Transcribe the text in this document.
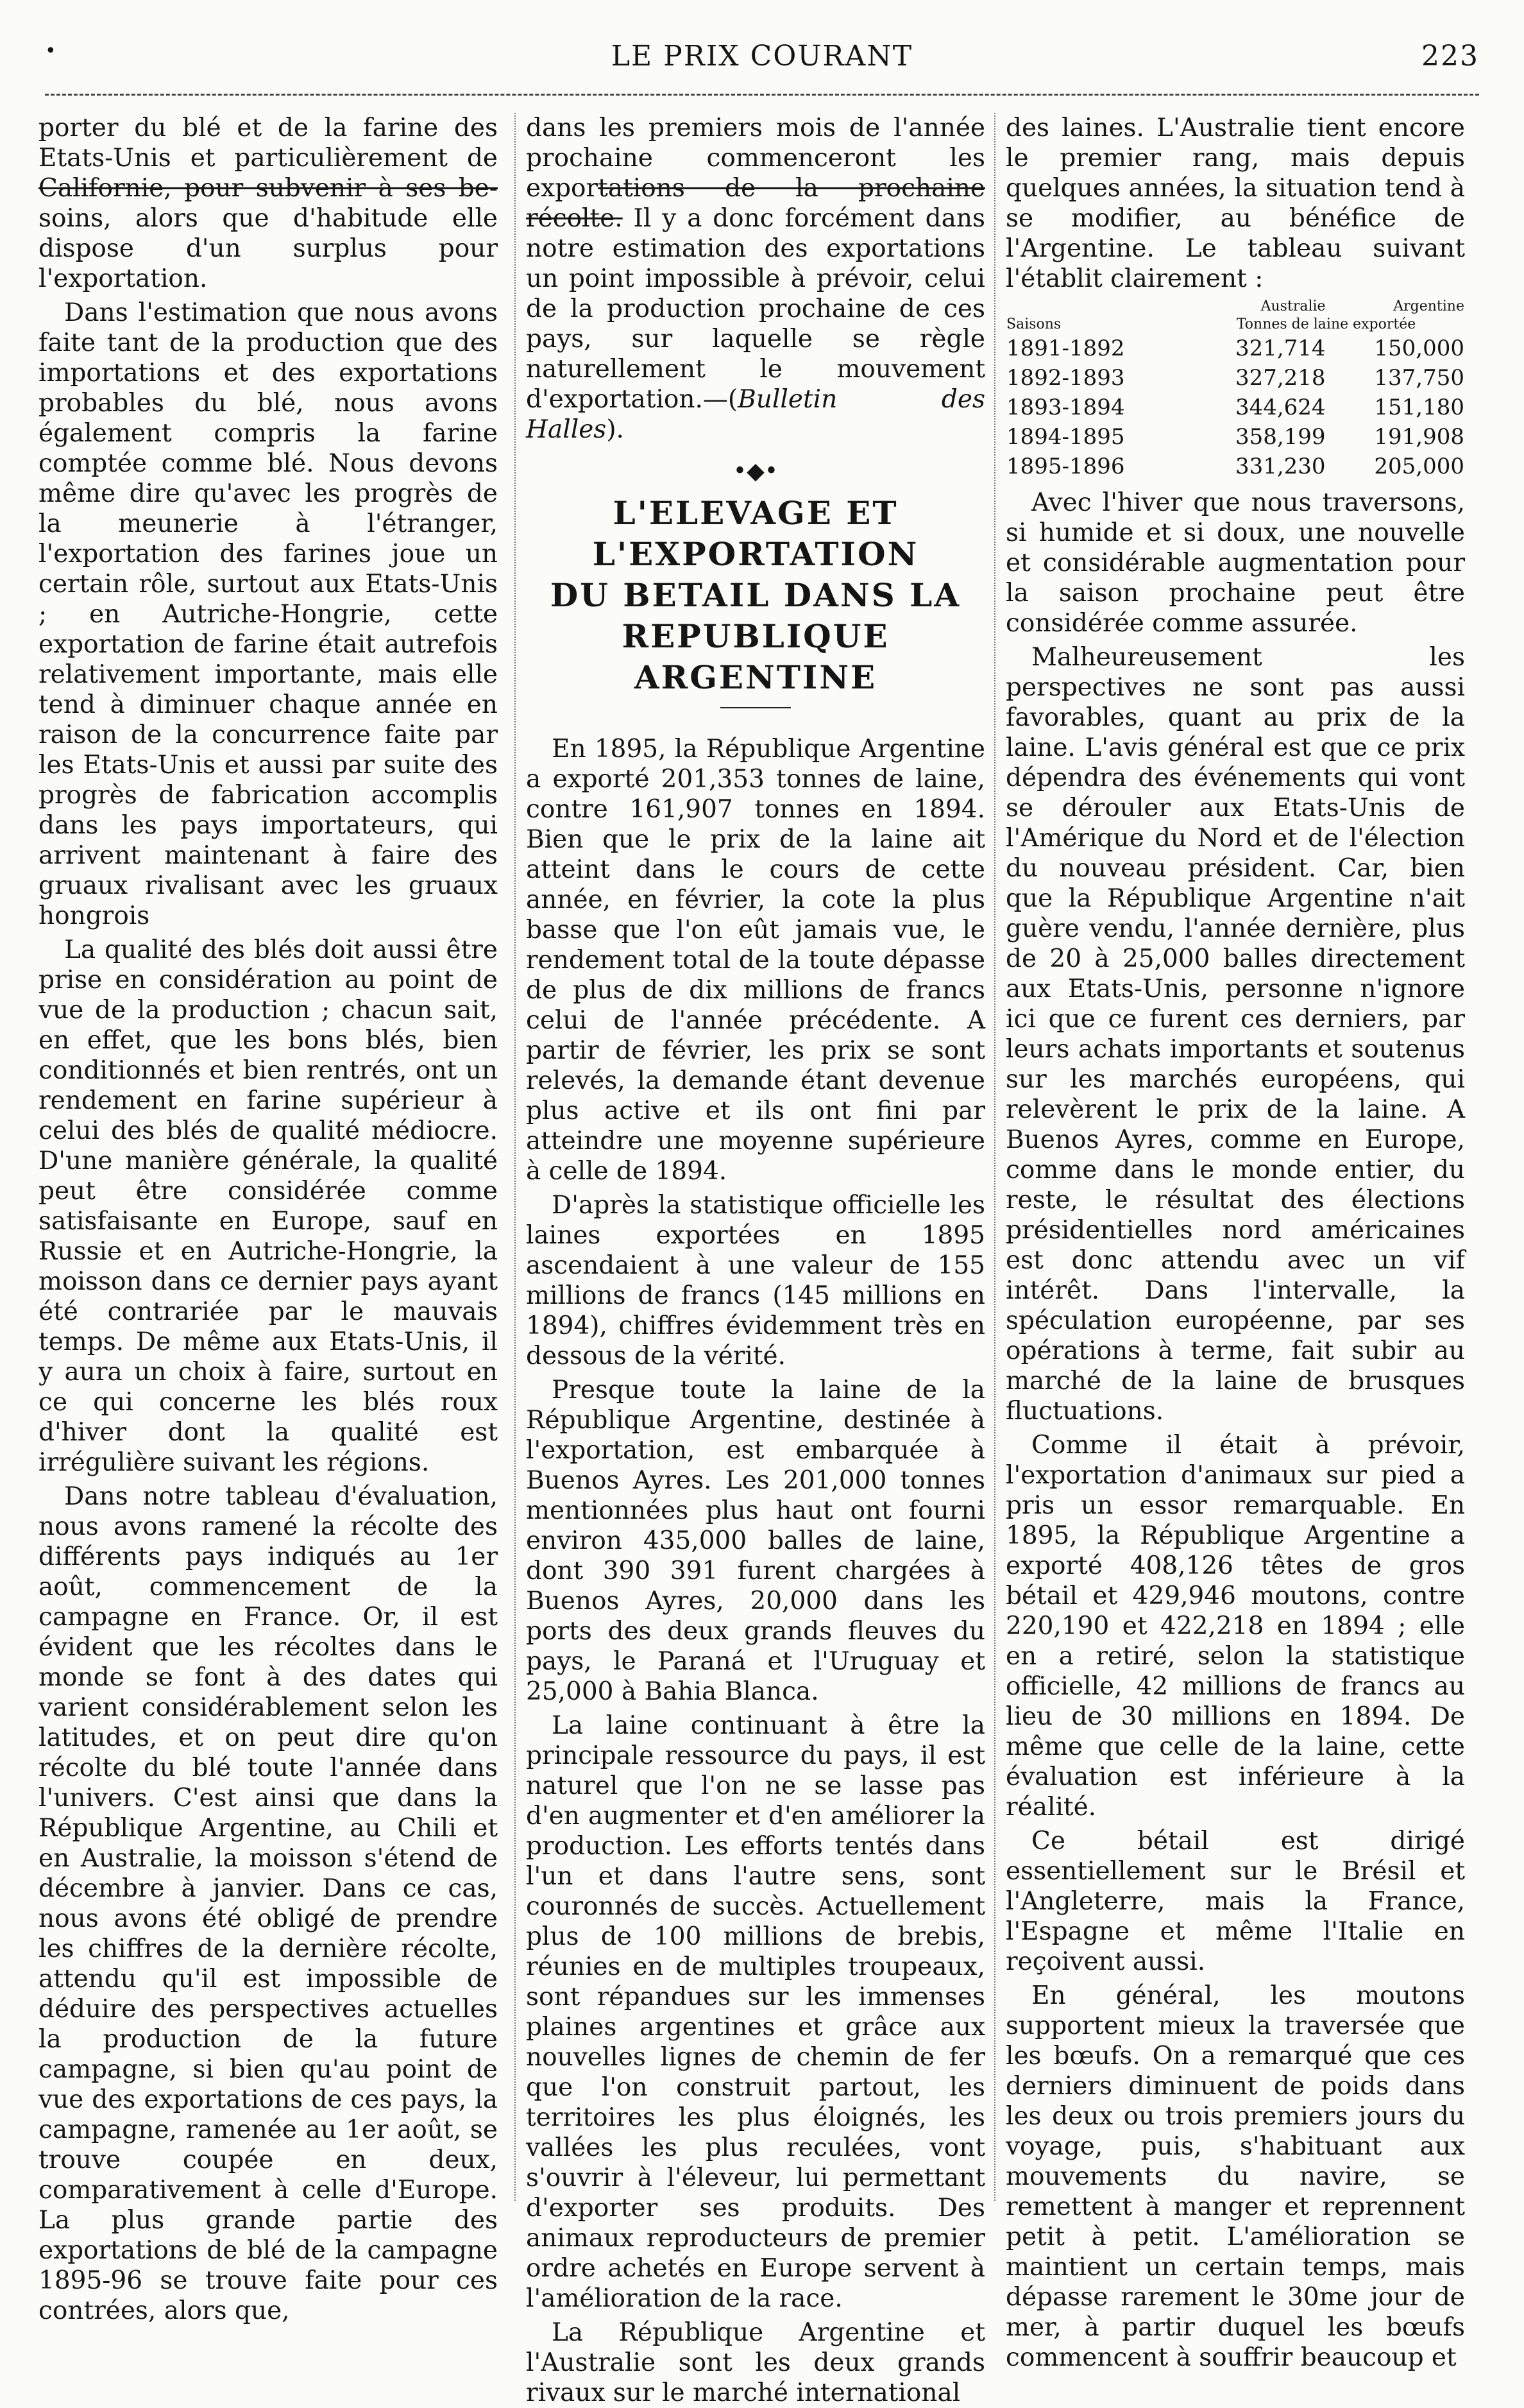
•	LE PRIX COURANT	223

porter du blé et de la farine des Etats-Unis et particulièrement de Californie, pour subvenir à ses be-soins, alors que d'habitude elle dispose d'un surplus pour l'exportation.

Dans l'estimation que nous avons faite tant de la production que des importations et des exportations probables du blé, nous avons également compris la farine comptée comme blé. Nous devons même dire qu'avec les progrès de la meunerie à l'étranger, l'exportation des farines joue un certain rôle, surtout aux Etats-Unis ; en Autriche-Hongrie, cette exportation de farine était autrefois relativement importante, mais elle tend à diminuer chaque année en raison de la concurrence faite par les Etats-Unis et aussi par suite des progrès de fabrication accomplis dans les pays importateurs, qui arrivent maintenant à faire des gruaux rivalisant avec les gruaux hongrois

La qualité des blés doit aussi être prise en considération au point de vue de la production ; chacun sait, en effet, que les bons blés, bien conditionnés et bien rentrés, ont un rendement en farine supérieur à celui des blés de qualité médiocre. D'une manière générale, la qualité peut être considérée comme satisfaisante en Europe, sauf en Russie et en Autriche-Hongrie, la moisson dans ce dernier pays ayant été contrariée par le mauvais temps. De même aux Etats-Unis, il y aura un choix à faire, surtout en ce qui concerne les blés roux d'hiver dont la qualité est irrégulière suivant les régions.

Dans notre tableau d'évaluation, nous avons ramené la récolte des différents pays indiqués au 1er août, commencement de la campagne en France. Or, il est évident que les récoltes dans le monde se font à des dates qui varient considérablement selon les latitudes, et on peut dire qu'on récolte du blé toute l'année dans l'univers. C'est ainsi que dans la République Argentine, au Chili et en Australie, la moisson s'étend de décembre à janvier. Dans ce cas, nous avons été obligé de prendre les chiffres de la dernière récolte, attendu qu'il est impossible de déduire des perspectives actuelles la production de la future campagne, si bien qu'au point de vue des exportations de ces pays, la campagne, ramenée au 1er août, se trouve coupée en deux, comparativement à celle d'Europe. La plus grande partie des exportations de blé de la campagne 1895-96 se trouve faite pour ces contrées, alors que,

dans les premiers mois de l'année prochaine commenceront les exportations de la prochaine récolte. Il y a donc forcément dans notre estimation des exportations un point impossible à prévoir, celui de la production prochaine de ces pays, sur laquelle se règle naturellement le mouvement d'exportation.—(Bulletin des Halles).

•◆•
L'ELEVAGE ET L'EXPORTATION
DU BETAIL DANS LA
REPUBLIQUE ARGENTINE

En 1895, la République Argentine a exporté 201,353 tonnes de laine, contre 161,907 tonnes en 1894. Bien que le prix de la laine ait atteint dans le cours de cette année, en février, la cote la plus basse que l'on eût jamais vue, le rendement total de la toute dépasse de plus de dix millions de francs celui de l'année précédente. A partir de février, les prix se sont relevés, la demande étant devenue plus active et ils ont fini par atteindre une moyenne supérieure à celle de 1894.

D'après la statistique officielle les laines exportées en 1895 ascendaient à une valeur de 155 millions de francs (145 millions en 1894), chiffres évidemment très en dessous de la vérité.

Presque toute la laine de la République Argentine, destinée à l'exportation, est embarquée à Buenos Ayres. Les 201,000 tonnes mentionnées plus haut ont fourni environ 435,000 balles de laine, dont 390 391 furent chargées à Buenos Ayres, 20,000 dans les ports des deux grands fleuves du pays, le Paraná et l'Uruguay et 25,000 à Bahia Blanca.

La laine continuant à être la principale ressource du pays, il est naturel que l'on ne se lasse pas d'en augmenter et d'en améliorer la production. Les efforts tentés dans l'un et dans l'autre sens, sont couronnés de succès. Actuellement plus de 100 millions de brebis, réunies en de multiples troupeaux, sont répandues sur les immenses plaines argentines et grâce aux nouvelles lignes de chemin de fer que l'on construit partout, les territoires les plus éloignés, les vallées les plus reculées, vont s'ouvrir à l'éleveur, lui permettant d'exporter ses produits. Des animaux reproducteurs de premier ordre achetés en Europe servent à l'amélioration de la race.

La République Argentine et l'Australie sont les deux grands rivaux sur le marché international

des laines. L'Australie tient encore le premier rang, mais depuis quelques années, la situation tend à se modifier, au bénéfice de l'Argentine. Le tableau suivant l'établit clairement :

	Australie	Argentine
Saisons	Tonnes de laine exportée	
1891-1892	321,714	150,000
1892-1893	327,218	137,750
1893-1894	344,624	151,180
1894-1895	358,199	191,908
1895-1896	331,230	205,000

Avec l'hiver que nous traversons, si humide et si doux, une nouvelle et considérable augmentation pour la saison prochaine peut être considérée comme assurée.

Malheureusement les perspectives ne sont pas aussi favorables, quant au prix de la laine. L'avis général est que ce prix dépendra des événements qui vont se dérouler aux Etats-Unis de l'Amérique du Nord et de l'élection du nouveau président. Car, bien que la République Argentine n'ait guère vendu, l'année dernière, plus de 20 à 25,000 balles directement aux Etats-Unis, personne n'ignore ici que ce furent ces derniers, par leurs achats importants et soutenus sur les marchés européens, qui relevèrent le prix de la laine. A Buenos Ayres, comme en Europe, comme dans le monde entier, du reste, le résultat des élections présidentielles nord américaines est donc attendu avec un vif intérêt. Dans l'intervalle, la spéculation européenne, par ses opérations à terme, fait subir au marché de la laine de brusques fluctuations.

Comme il était à prévoir, l'exportation d'animaux sur pied a pris un essor remarquable. En 1895, la République Argentine a exporté 408,126 têtes de gros bétail et 429,946 moutons, contre 220,190 et 422,218 en 1894 ; elle en a retiré, selon la statistique officielle, 42 millions de francs au lieu de 30 millions en 1894. De même que celle de la laine, cette évaluation est inférieure à la réalité.

Ce bétail est dirigé essentiellement sur le Brésil et l'Angleterre, mais la France, l'Espagne et même l'Italie en reçoivent aussi.

En général, les moutons supportent mieux la traversée que les bœufs. On a remarqué que ces derniers diminuent de poids dans les deux ou trois premiers jours du voyage, puis, s'habituant aux mouvements du navire, se remettent à manger et reprennent petit à petit. L'amélioration se maintient un certain temps, mais dépasse rarement le 30me jour de mer, à partir duquel les bœufs commencent à souffrir beaucoup et
